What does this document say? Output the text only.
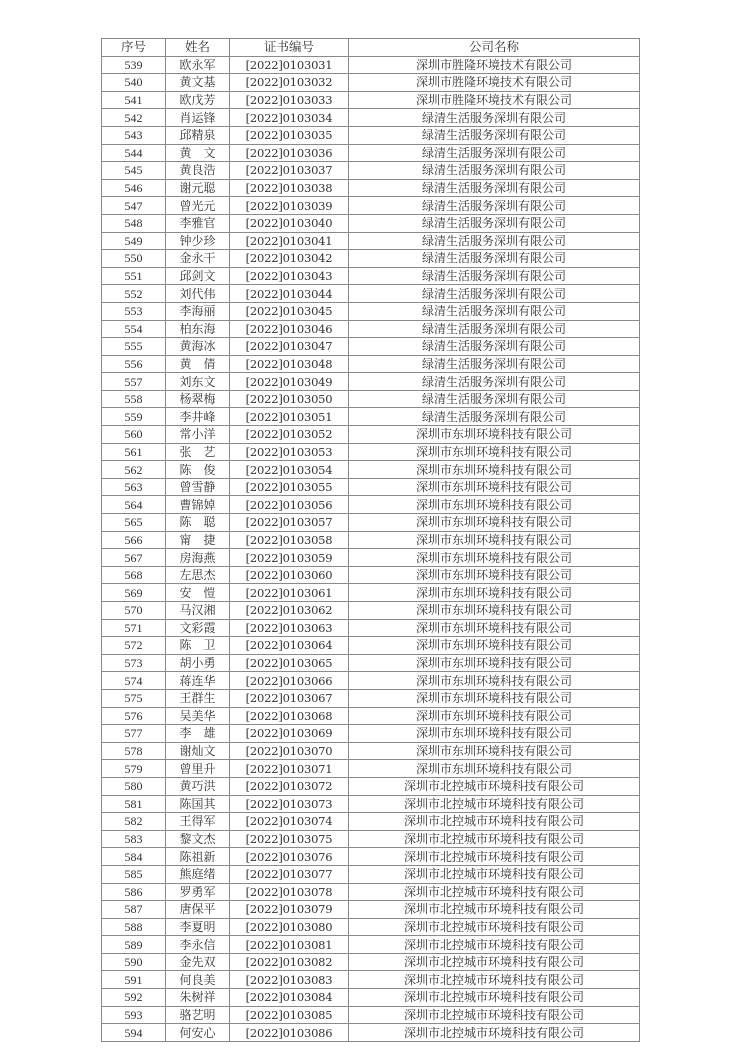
序号	姓名	证书编号	公司名称
539	欧永军	[2022]0103031	深圳市胜隆环境技术有限公司
540	黄文基	[2022]0103032	深圳市胜隆环境技术有限公司
541	欧戊芳	[2022]0103033	深圳市胜隆环境技术有限公司
542	肖运锋	[2022]0103034	绿清生活服务深圳有限公司
543	邱精泉	[2022]0103035	绿清生活服务深圳有限公司
544	黄　文	[2022]0103036	绿清生活服务深圳有限公司
545	黄良浩	[2022]0103037	绿清生活服务深圳有限公司
546	谢元聪	[2022]0103038	绿清生活服务深圳有限公司
547	曾光元	[2022]0103039	绿清生活服务深圳有限公司
548	李雅官	[2022]0103040	绿清生活服务深圳有限公司
549	钟少珍	[2022]0103041	绿清生活服务深圳有限公司
550	金永干	[2022]0103042	绿清生活服务深圳有限公司
551	邱剑文	[2022]0103043	绿清生活服务深圳有限公司
552	刘代伟	[2022]0103044	绿清生活服务深圳有限公司
553	李海丽	[2022]0103045	绿清生活服务深圳有限公司
554	柏东海	[2022]0103046	绿清生活服务深圳有限公司
555	黄海冰	[2022]0103047	绿清生活服务深圳有限公司
556	黄　倩	[2022]0103048	绿清生活服务深圳有限公司
557	刘东文	[2022]0103049	绿清生活服务深圳有限公司
558	杨翠梅	[2022]0103050	绿清生活服务深圳有限公司
559	李井峰	[2022]0103051	绿清生活服务深圳有限公司
560	常小洋	[2022]0103052	深圳市东圳环境科技有限公司
561	张　艺	[2022]0103053	深圳市东圳环境科技有限公司
562	陈　俊	[2022]0103054	深圳市东圳环境科技有限公司
563	曾雪静	[2022]0103055	深圳市东圳环境科技有限公司
564	曹锦婥	[2022]0103056	深圳市东圳环境科技有限公司
565	陈　聪	[2022]0103057	深圳市东圳环境科技有限公司
566	甯　捷	[2022]0103058	深圳市东圳环境科技有限公司
567	房海燕	[2022]0103059	深圳市东圳环境科技有限公司
568	左思杰	[2022]0103060	深圳市东圳环境科技有限公司
569	安　愷	[2022]0103061	深圳市东圳环境科技有限公司
570	马汉湘	[2022]0103062	深圳市东圳环境科技有限公司
571	文彩霞	[2022]0103063	深圳市东圳环境科技有限公司
572	陈　卫	[2022]0103064	深圳市东圳环境科技有限公司
573	胡小勇	[2022]0103065	深圳市东圳环境科技有限公司
574	蒋连华	[2022]0103066	深圳市东圳环境科技有限公司
575	王群生	[2022]0103067	深圳市东圳环境科技有限公司
576	吴美华	[2022]0103068	深圳市东圳环境科技有限公司
577	李　雄	[2022]0103069	深圳市东圳环境科技有限公司
578	谢灿文	[2022]0103070	深圳市东圳环境科技有限公司
579	曾里升	[2022]0103071	深圳市东圳环境科技有限公司
580	黄巧洪	[2022]0103072	深圳市北控城市环境科技有限公司
581	陈国其	[2022]0103073	深圳市北控城市环境科技有限公司
582	王得军	[2022]0103074	深圳市北控城市环境科技有限公司
583	黎文杰	[2022]0103075	深圳市北控城市环境科技有限公司
584	陈祖新	[2022]0103076	深圳市北控城市环境科技有限公司
585	熊庭绪	[2022]0103077	深圳市北控城市环境科技有限公司
586	罗勇军	[2022]0103078	深圳市北控城市环境科技有限公司
587	唐保平	[2022]0103079	深圳市北控城市环境科技有限公司
588	李夏明	[2022]0103080	深圳市北控城市环境科技有限公司
589	李永信	[2022]0103081	深圳市北控城市环境科技有限公司
590	金先双	[2022]0103082	深圳市北控城市环境科技有限公司
591	何良美	[2022]0103083	深圳市北控城市环境科技有限公司
592	朱树祥	[2022]0103084	深圳市北控城市环境科技有限公司
593	骆艺明	[2022]0103085	深圳市北控城市环境科技有限公司
594	何安心	[2022]0103086	深圳市北控城市环境科技有限公司
